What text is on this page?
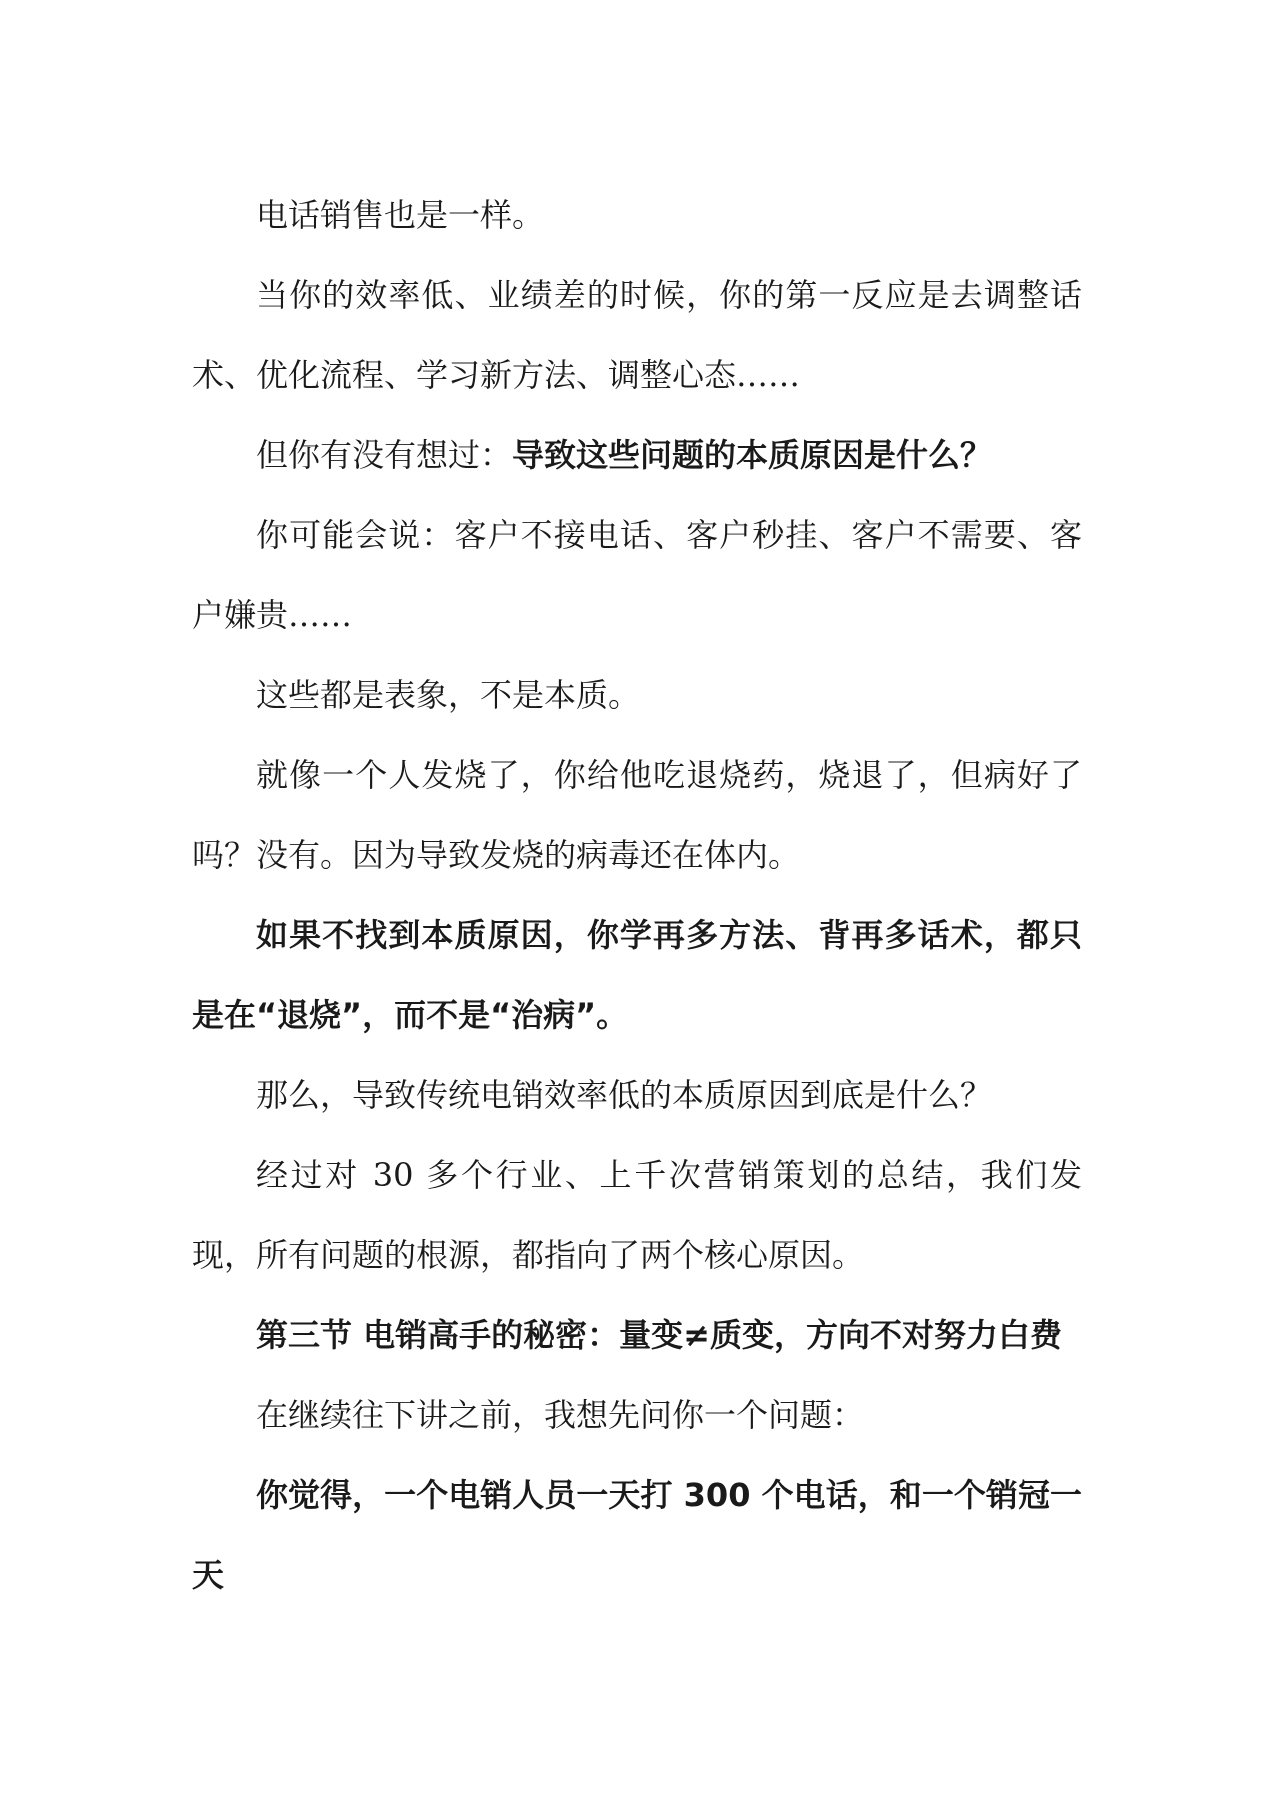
电话销售也是一样。

当你的效率低、业绩差的时候，你的第一反应是去调整话术、优化流程、学习新方法、调整心态……

但你有没有想过：导致这些问题的本质原因是什么？

你可能会说：客户不接电话、客户秒挂、客户不需要、客户嫌贵……

这些都是表象，不是本质。

就像一个人发烧了，你给他吃退烧药，烧退了，但病好了吗？没有。因为导致发烧的病毒还在体内。

如果不找到本质原因，你学再多方法、背再多话术，都只是在“退烧”，而不是“治病”。

那么，导致传统电销效率低的本质原因到底是什么？

经过对 30 多个行业、上千次营销策划的总结，我们发现，所有问题的根源，都指向了两个核心原因。

第三节 电销高手的秘密：量变≠质变，方向不对努力白费

在继续往下讲之前，我想先问你一个问题：

你觉得，一个电销人员一天打 300 个电话，和一个销冠一天
